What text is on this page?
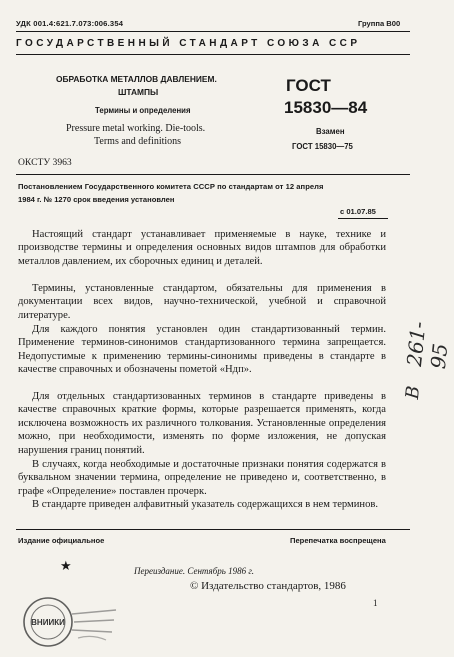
УДК 001.4:621.7.073:006.354	Группа В00
ГОСУДАРСТВЕННЫЙ СТАНДАРТ СОЮЗА ССР
ОБРАБОТКА МЕТАЛЛОВ ДАВЛЕНИЕМ.
ШТАМПЫ
Термины и определения
Pressure metal working. Die-tools.
Terms and definitions
ГОСТ
15830—84
Взамен
ГОСТ 15830—75
ОКСТУ 3963
Постановлением Государственного комитета СССР по стандартам от 12 апреля
1984 г. № 1270 срок введения установлен
с 01.07.85
Настоящий стандарт устанавливает применяемые в науке, технике и производстве термины и определения основных видов штампов для обработки металлов давлением, их сборочных единиц и деталей.
Термины, установленные стандартом, обязательны для применения в документации всех видов, научно-технической, учебной и справочной литературе.
Для каждого понятия установлен один стандартизованный термин. Применение терминов-синонимов стандартизованного термина запрещается. Недопустимые к применению термины-синонимы приведены в стандарте в качестве справочных и обозначены пометой «Ндп».
Для отдельных стандартизованных терминов в стандарте приведены в качестве справочных краткие формы, которые разрешается применять, когда исключена возможность их различного толкования. Установленные определения можно, при необходимости, изменять по форме изложения, не допуская нарушения границ понятий.
В случаях, когда необходимые и достаточные признаки понятия содержатся в буквальном значении термина, определение не приведено и, соответственно, в графе «Определение» поставлен прочерк.
В стандарте приведен алфавитный указатель содержащихся в нем терминов.
Издание официальное	Перепечатка воспрещена
★	Переиздание. Сентябрь 1986 г.
© Издательство стандартов, 1986
1
261-95
В
ВНИИКИ
